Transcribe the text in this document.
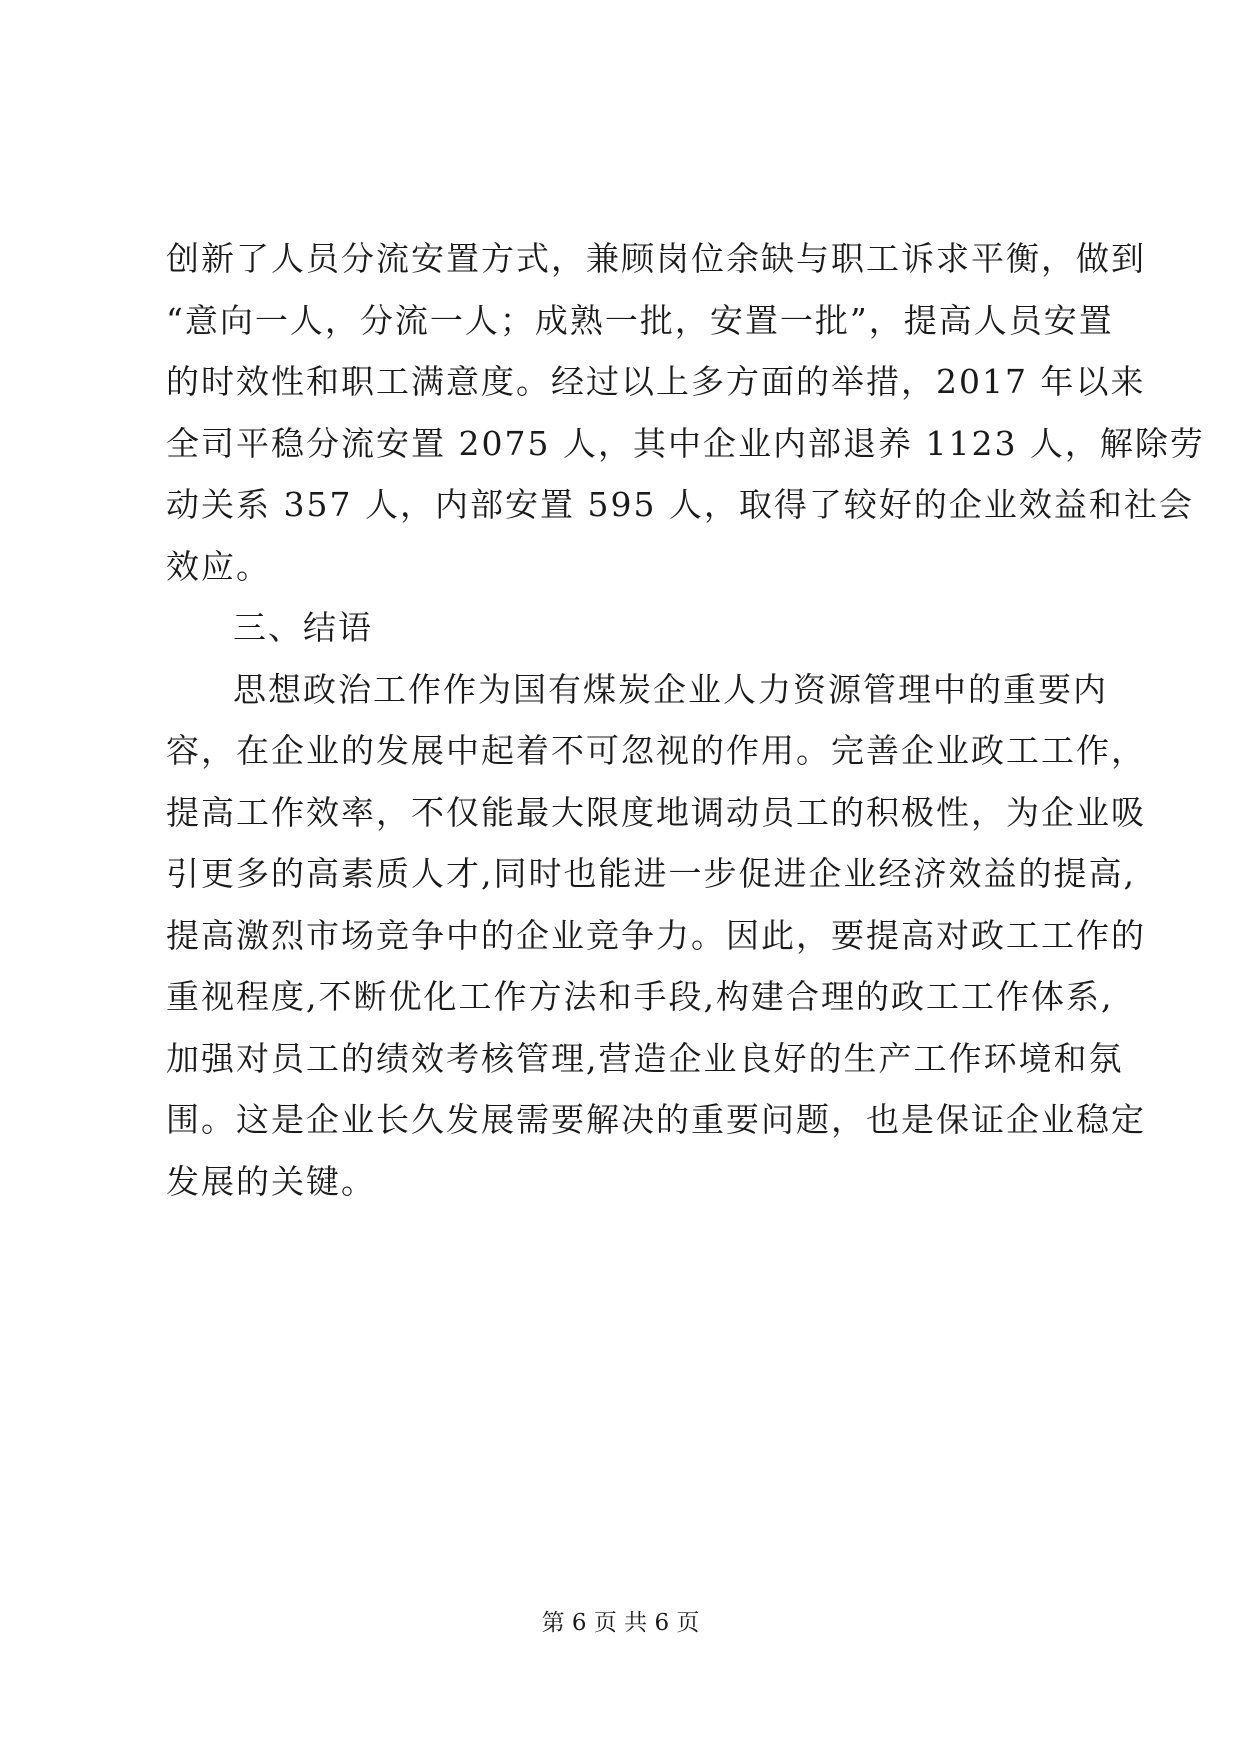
创新了人员分流安置方式，兼顾岗位余缺与职工诉求平衡，做到
“意向一人，分流一人；成熟一批，安置一批”，提高人员安置
的时效性和职工满意度。经过以上多方面的举措，2017 年以来
全司平稳分流安置 2075 人，其中企业内部退养 1123 人，解除劳
动关系 357 人，内部安置 595 人，取得了较好的企业效益和社会
效应。
三、结语
思想政治工作作为国有煤炭企业人力资源管理中的重要内
容，在企业的发展中起着不可忽视的作用。完善企业政工工作，
提高工作效率，不仅能最大限度地调动员工的积极性，为企业吸
引更多的高素质人才,同时也能进一步促进企业经济效益的提高,
提高激烈市场竞争中的企业竞争力。因此，要提高对政工工作的
重视程度,不断优化工作方法和手段,构建合理的政工工作体系,
加强对员工的绩效考核管理,营造企业良好的生产工作环境和氛
围。这是企业长久发展需要解决的重要问题，也是保证企业稳定
发展的关键。
第 6 页 共 6 页
